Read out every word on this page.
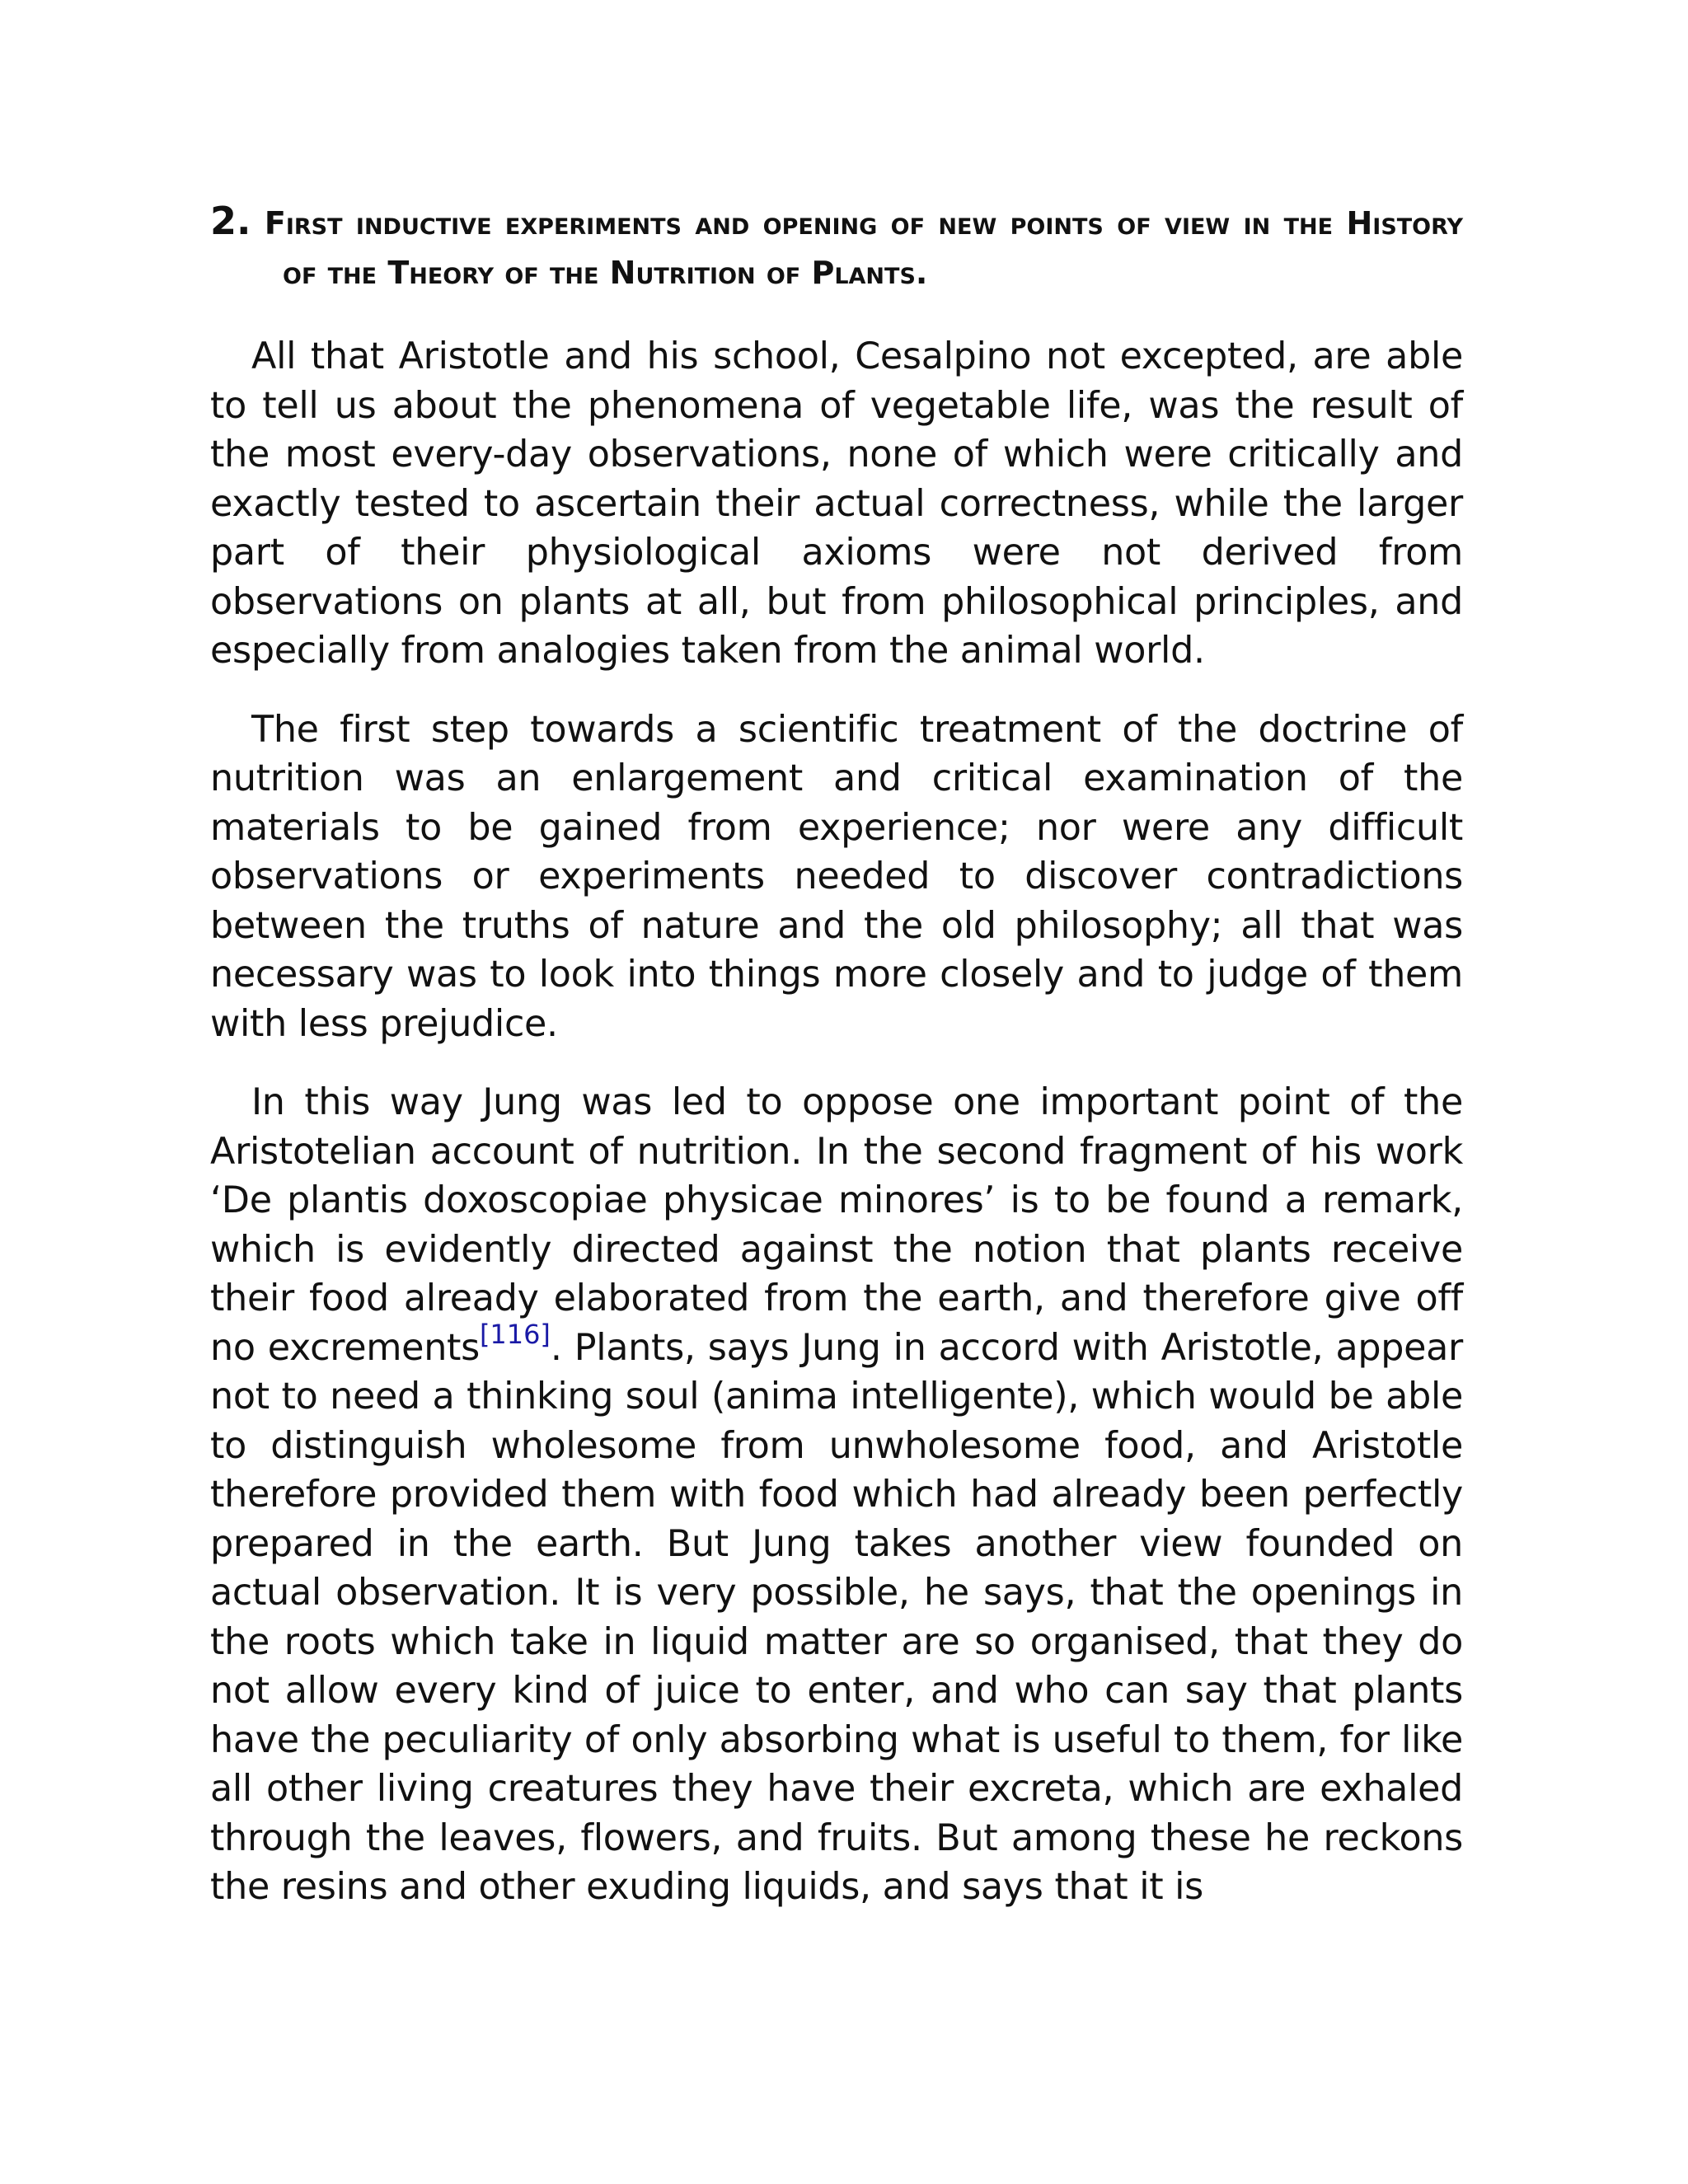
2. First inductive experiments and opening of new points of view in the History of the Theory of the Nutrition of Plants.

All that Aristotle and his school, Cesalpino not excepted, are able to tell us about the phenomena of vegetable life, was the result of the most every-day observations, none of which were critically and exactly tested to ascertain their actual correctness, while the larger part of their physiological axioms were not derived from observations on plants at all, but from philosophical principles, and especially from analogies taken from the animal world.

The first step towards a scientific treatment of the doctrine of nutrition was an enlargement and critical examination of the materials to be gained from experience; nor were any difficult observations or experiments needed to discover contradictions between the truths of nature and the old philosophy; all that was necessary was to look into things more closely and to judge of them with less prejudice.

In this way Jung was led to oppose one important point of the Aristotelian account of nutrition. In the second fragment of his work ‘De plantis doxoscopiae physicae minores’ is to be found a remark, which is evidently directed against the notion that plants receive their food already elaborated from the earth, and therefore give off no excrements[116]. Plants, says Jung in accord with Aristotle, appear not to need a thinking soul (anima intelligente), which would be able to distinguish wholesome from unwholesome food, and Aristotle therefore provided them with food which had already been perfectly prepared in the earth. But Jung takes another view founded on actual observation. It is very possible, he says, that the openings in the roots which take in liquid matter are so organised, that they do not allow every kind of juice to enter, and who can say that plants have the peculiarity of only absorbing what is useful to them, for like all other living creatures they have their excreta, which are exhaled through the leaves, flowers, and fruits. But among these he reckons the resins and other exuding liquids, and says that it is
